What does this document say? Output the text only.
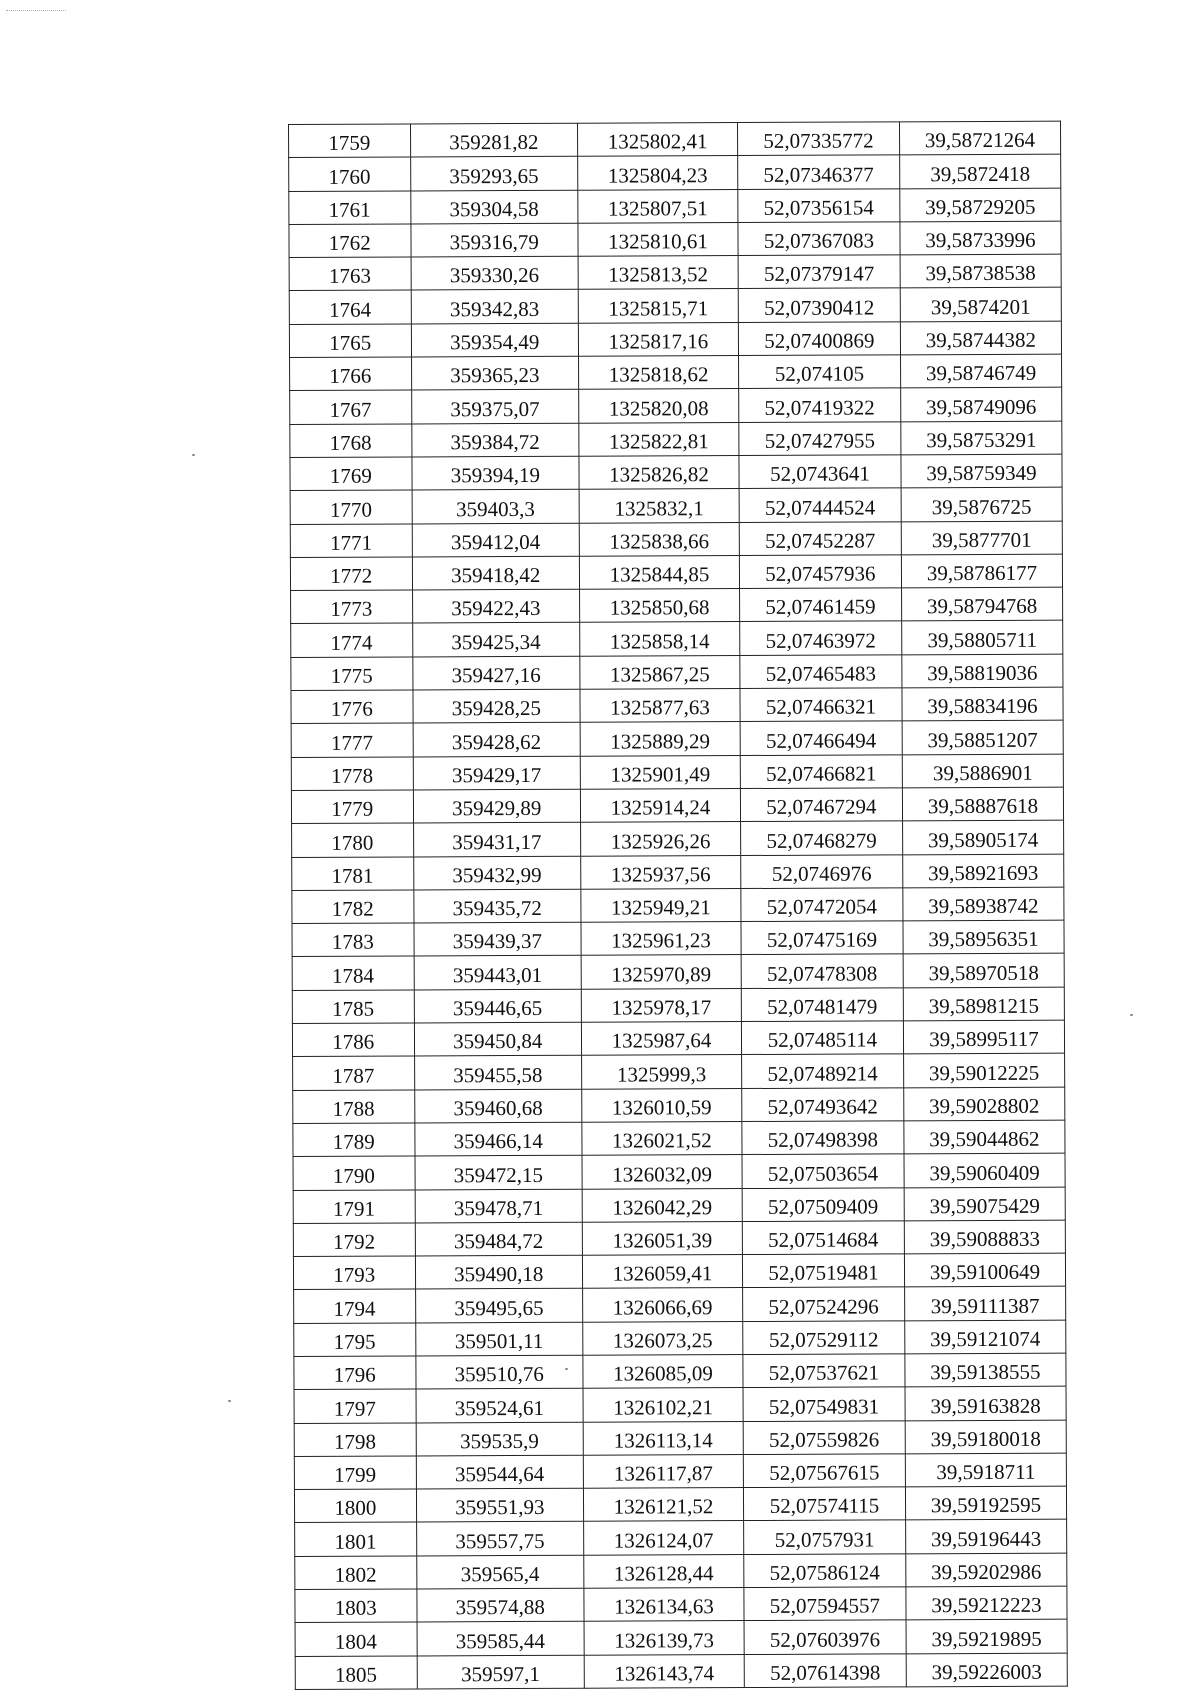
1759	359281,82	1325802,41	52,07335772	39,58721264
1760	359293,65	1325804,23	52,07346377	39,5872418
1761	359304,58	1325807,51	52,07356154	39,58729205
1762	359316,79	1325810,61	52,07367083	39,58733996
1763	359330,26	1325813,52	52,07379147	39,58738538
1764	359342,83	1325815,71	52,07390412	39,5874201
1765	359354,49	1325817,16	52,07400869	39,58744382
1766	359365,23	1325818,62	52,074105	39,58746749
1767	359375,07	1325820,08	52,07419322	39,58749096
1768	359384,72	1325822,81	52,07427955	39,58753291
1769	359394,19	1325826,82	52,0743641	39,58759349
1770	359403,3	1325832,1	52,07444524	39,5876725
1771	359412,04	1325838,66	52,07452287	39,5877701
1772	359418,42	1325844,85	52,07457936	39,58786177
1773	359422,43	1325850,68	52,07461459	39,58794768
1774	359425,34	1325858,14	52,07463972	39,58805711
1775	359427,16	1325867,25	52,07465483	39,58819036
1776	359428,25	1325877,63	52,07466321	39,58834196
1777	359428,62	1325889,29	52,07466494	39,58851207
1778	359429,17	1325901,49	52,07466821	39,5886901
1779	359429,89	1325914,24	52,07467294	39,58887618
1780	359431,17	1325926,26	52,07468279	39,58905174
1781	359432,99	1325937,56	52,0746976	39,58921693
1782	359435,72	1325949,21	52,07472054	39,58938742
1783	359439,37	1325961,23	52,07475169	39,58956351
1784	359443,01	1325970,89	52,07478308	39,58970518
1785	359446,65	1325978,17	52,07481479	39,58981215
1786	359450,84	1325987,64	52,07485114	39,58995117
1787	359455,58	1325999,3	52,07489214	39,59012225
1788	359460,68	1326010,59	52,07493642	39,59028802
1789	359466,14	1326021,52	52,07498398	39,59044862
1790	359472,15	1326032,09	52,07503654	39,59060409
1791	359478,71	1326042,29	52,07509409	39,59075429
1792	359484,72	1326051,39	52,07514684	39,59088833
1793	359490,18	1326059,41	52,07519481	39,59100649
1794	359495,65	1326066,69	52,07524296	39,59111387
1795	359501,11	1326073,25	52,07529112	39,59121074
1796	359510,76	1326085,09	52,07537621	39,59138555
1797	359524,61	1326102,21	52,07549831	39,59163828
1798	359535,9	1326113,14	52,07559826	39,59180018
1799	359544,64	1326117,87	52,07567615	39,5918711
1800	359551,93	1326121,52	52,07574115	39,59192595
1801	359557,75	1326124,07	52,0757931	39,59196443
1802	359565,4	1326128,44	52,07586124	39,59202986
1803	359574,88	1326134,63	52,07594557	39,59212223
1804	359585,44	1326139,73	52,07603976	39,59219895
1805	359597,1	1326143,74	52,07614398	39,59226003
